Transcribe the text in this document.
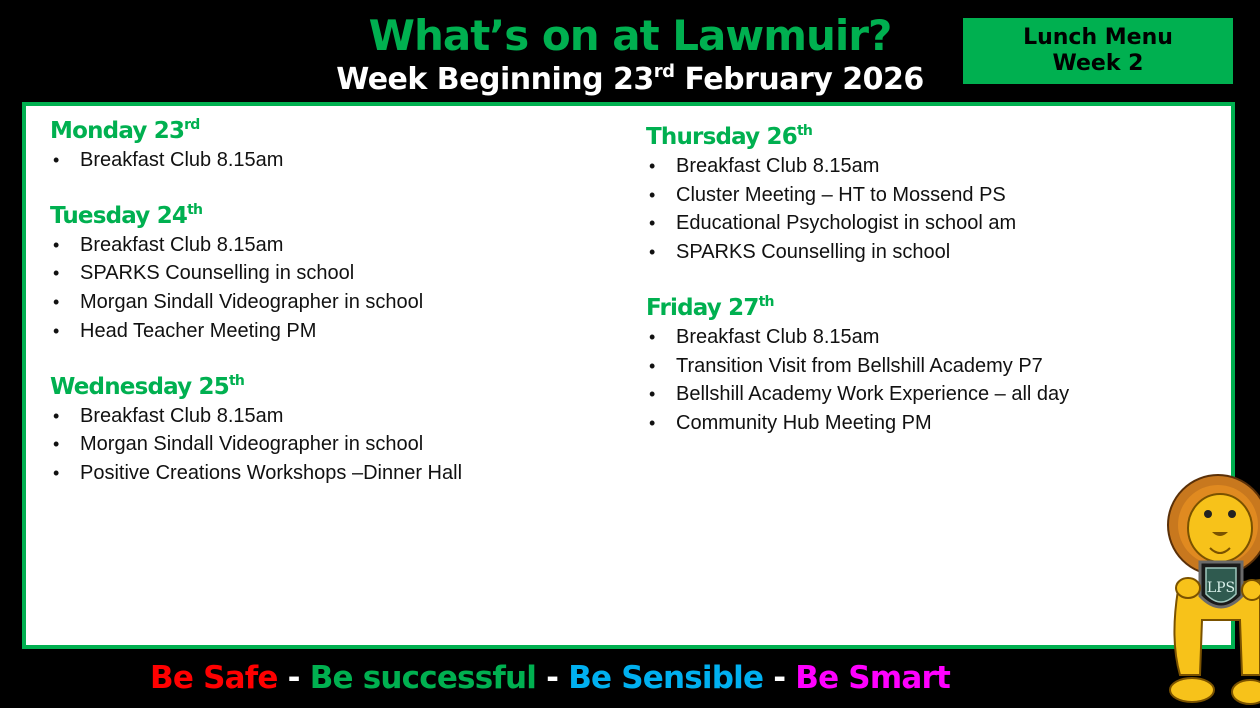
What’s on at Lawmuir?
Week Beginning 23rd February 2026
Lunch Menu
Week 2
Monday 23rd
• Breakfast Club 8.15am
Tuesday 24th
• Breakfast Club 8.15am
• SPARKS Counselling in school
• Morgan Sindall Videographer in school
• Head Teacher Meeting PM
Wednesday 25th
• Breakfast Club 8.15am
• Morgan Sindall Videographer in school
• Positive Creations Workshops –Dinner Hall
Thursday 26th
• Breakfast Club 8.15am
• Cluster Meeting – HT to Mossend PS
• Educational Psychologist in school am
• SPARKS Counselling in school
Friday 27th
• Breakfast Club 8.15am
• Transition Visit from Bellshill Academy P7
• Bellshill Academy Work Experience – all day
• Community Hub Meeting PM
Be Safe - Be successful - Be Sensible - Be Smart
LPS
